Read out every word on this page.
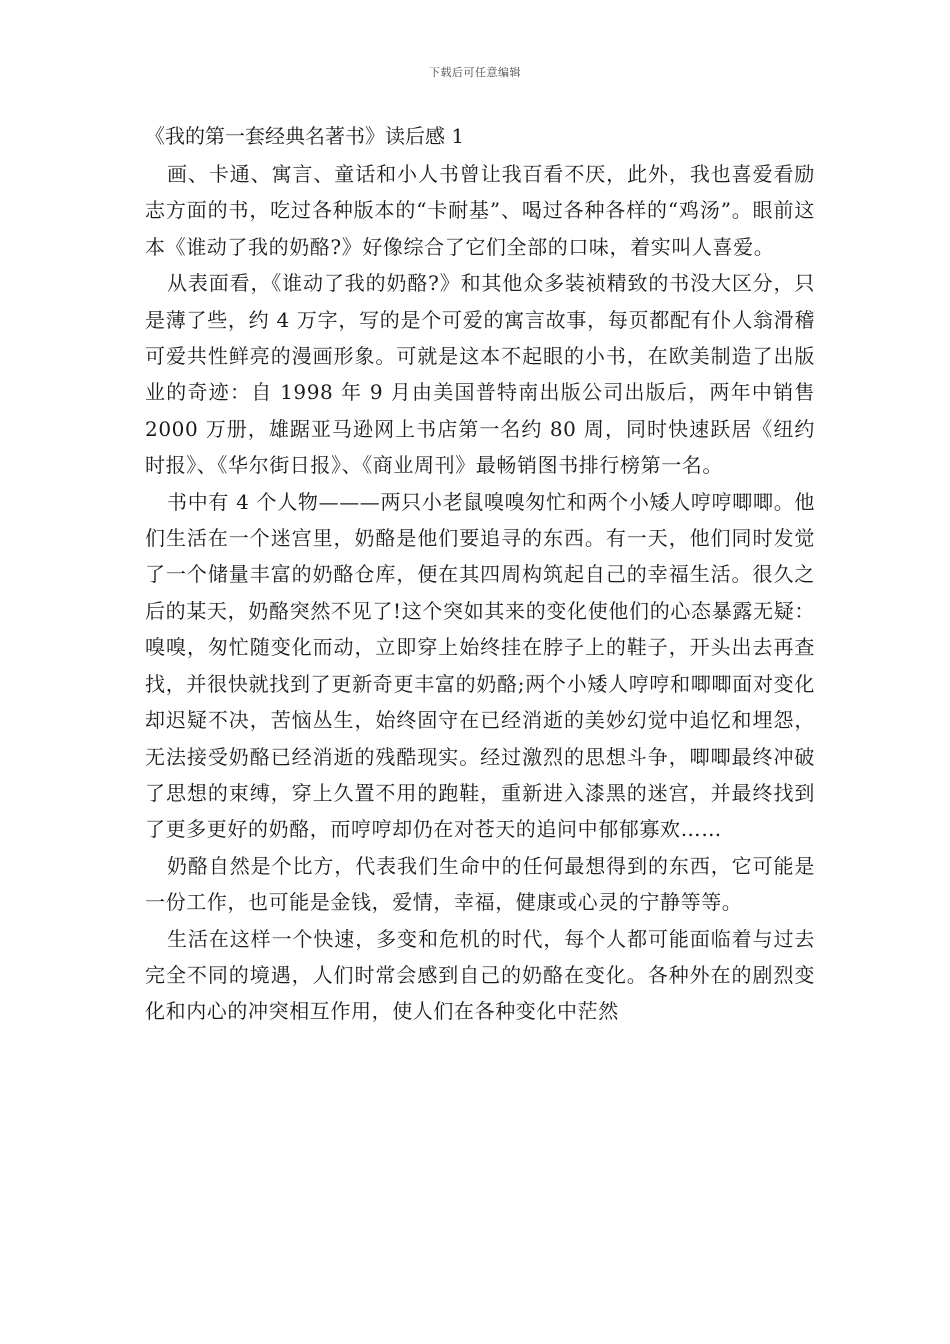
下载后可任意编辑
《我的第一套经典名著书》读后感 1

画、卡通、寓言、童话和小人书曾让我百看不厌，此外，我也喜爱看励志方面的书，吃过各种版本的“卡耐基”、喝过各种各样的“鸡汤”。眼前这本《谁动了我的奶酪?》好像综合了它们全部的口味，着实叫人喜爱。

从表面看，《谁动了我的奶酪?》和其他众多装祯精致的书没大区分，只是薄了些，约 4 万字，写的是个可爱的寓言故事，每页都配有仆人翁滑稽可爱共性鲜亮的漫画形象。可就是这本不起眼的小书，在欧美制造了出版业的奇迹：自 1998 年 9 月由美国普特南出版公司出版后，两年中销售 2000 万册，雄踞亚马逊网上书店第一名约 80 周，同时快速跃居《纽约时报》、《华尔街日报》、《商业周刊》最畅销图书排行榜第一名。

书中有 4 个人物———两只小老鼠嗅嗅匆忙和两个小矮人哼哼唧唧。他们生活在一个迷宫里，奶酪是他们要追寻的东西。有一天，他们同时发觉了一个储量丰富的奶酪仓库，便在其四周构筑起自己的幸福生活。很久之后的某天，奶酪突然不见了!这个突如其来的变化使他们的心态暴露无疑：嗅嗅，匆忙随变化而动，立即穿上始终挂在脖子上的鞋子，开头出去再查找，并很快就找到了更新奇更丰富的奶酪;两个小矮人哼哼和唧唧面对变化却迟疑不决，苦恼丛生，始终固守在已经消逝的美妙幻觉中追忆和埋怨，无法接受奶酪已经消逝的残酷现实。经过激烈的思想斗争，唧唧最终冲破了思想的束缚，穿上久置不用的跑鞋，重新进入漆黑的迷宫，并最终找到了更多更好的奶酪，而哼哼却仍在对苍天的追问中郁郁寡欢……

奶酪自然是个比方，代表我们生命中的任何最想得到的东西，它可能是一份工作，也可能是金钱，爱情，幸福，健康或心灵的宁静等等。

生活在这样一个快速，多变和危机的时代，每个人都可能面临着与过去完全不同的境遇，人们时常会感到自己的奶酪在变化。各种外在的剧烈变化和内心的冲突相互作用，使人们在各种变化中茫然
